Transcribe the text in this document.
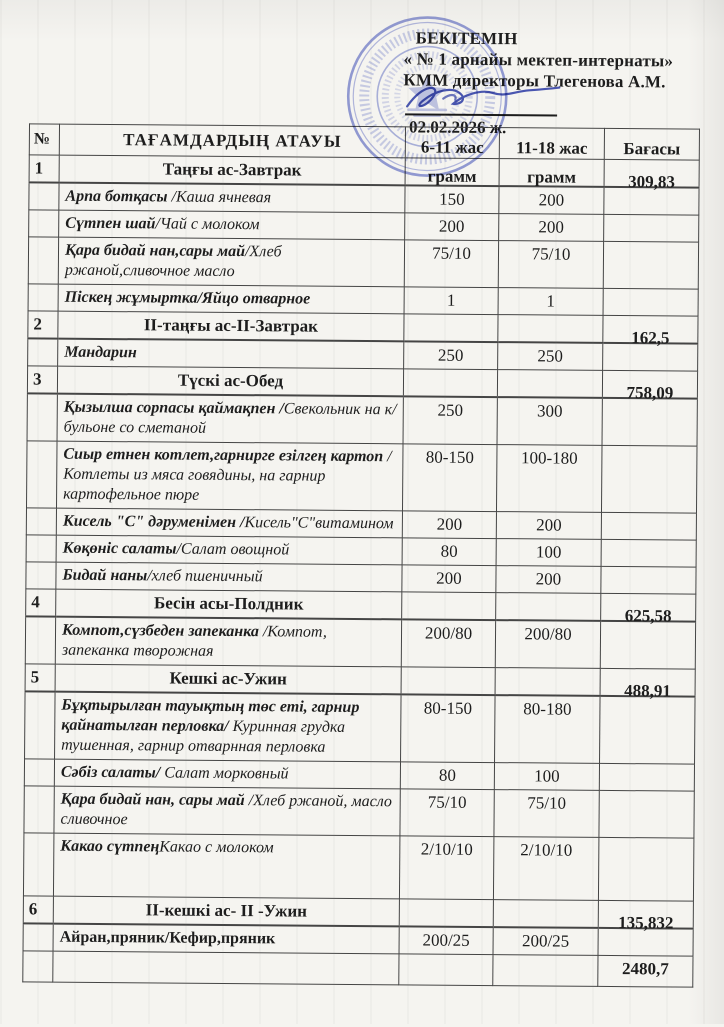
БЕКІТЕМІН
« № 1 арнайы мектеп-интернаты»
КММ директоры Тлегенова А.М.
02.02.2026 ж.
№	ТАҒАМДАРДЫҢ АТАУЫ	6-11 жас	11-18 жас	Бағасы
1	Таңғы ас-Завтрак	грамм	грамм	309,83
	Арпа ботқасы /Каша ячневая	150	200	
	Сүтпен шай/Чай с молоком	200	200	
	Қара бидай нан,сары май/Хлеб ржаной,сливочное масло	75/10	75/10	
	Піскең жұмыртка/Яйцо отварное	1	1	
2	ІІ-таңғы ас-ІІ-Завтрак			162,5
	Мандарин	250	250	
3	Түскі ас-Обед			758,09
	Қызылша сорпасы қаймақпен /Свекольник на к/бульоне со сметаной	250	300	
	Сиыр етнен котлет,гарнирге езілгең картоп /Котлеты из мяса говядины, на гарнир картофельное пюре	80-150	100-180	
	Кисель "С" дәруменімен /Кисель"С"витамином	200	200	
	Көқөніс салаты/Салат овощной	80	100	
	Бидай наны/хлеб пшеничный	200	200	
4	Бесін асы-Полдник			625,58
	Компот,сүзбеден запеканка /Компот, запеканка творожная	200/80	200/80	
5	Кешкі ас-Ужин			488,91
	Бұқтырылған тауықтың төс еті, гарнир қайнатылған перловка/ Куринная грудка тушенная, гарнир отварнная перловка	80-150	80-180	
	Сәбіз салаты/ Салат морковный	80	100	
	Қара бидай нан, сары май /Хлеб ржаной, масло сливочное	75/10	75/10	
	Какао сүтпеңКакао с молоком	2/10/10	2/10/10	
6	ІІ-кешкі ас- ІІ -Ужин			135,832
	Айран,пряник/Кефир,пряник	200/25	200/25	
				2480,7
